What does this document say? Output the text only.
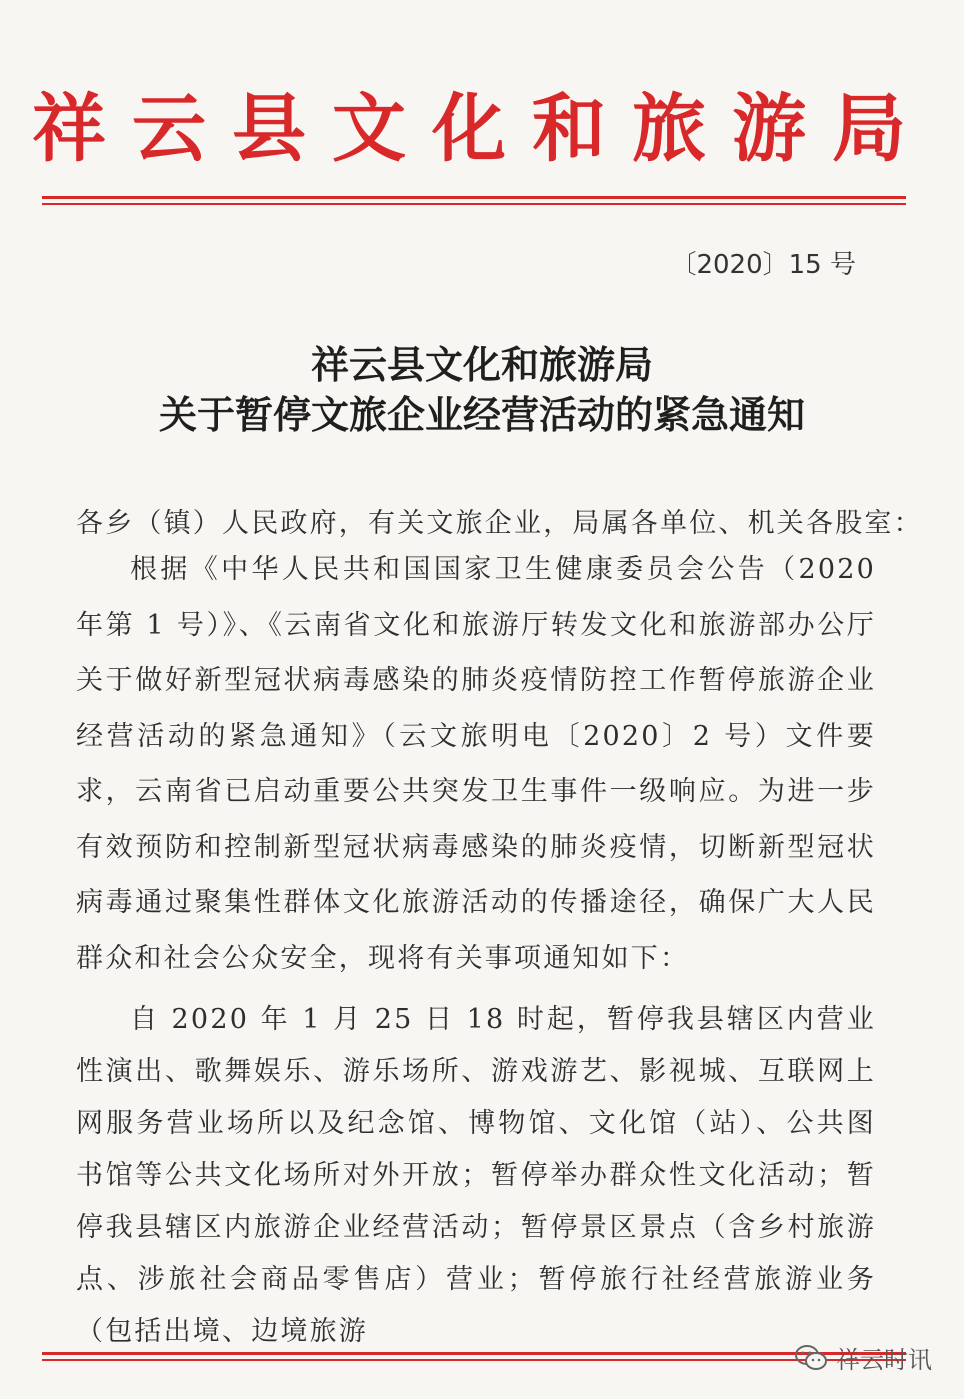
祥云县文化和旅游局
〔2020〕15 号
祥云县文化和旅游局
关于暂停文旅企业经营活动的紧急通知
各乡（镇）人民政府，有关文旅企业，局属各单位、机关各股室：
根据《中华人民共和国国家卫生健康委员会公告（2020 年第 1 号）》、《云南省文化和旅游厅转发文化和旅游部办公厅关于做好新型冠状病毒感染的肺炎疫情防控工作暂停旅游企业经营活动的紧急通知》（云文旅明电〔2020〕2 号）文件要求，云南省已启动重要公共突发卫生事件一级响应。为进一步有效预防和控制新型冠状病毒感染的肺炎疫情，切断新型冠状病毒通过聚集性群体文化旅游活动的传播途径，确保广大人民群众和社会公众安全，现将有关事项通知如下：
自 2020 年 1 月 25 日 18 时起，暂停我县辖区内营业性演出、歌舞娱乐、游乐场所、游戏游艺、影视城、互联网上网服务营业场所以及纪念馆、博物馆、文化馆（站）、公共图书馆等公共文化场所对外开放；暂停举办群众性文化活动；暂停我县辖区内旅游企业经营活动；暂停景区景点（含乡村旅游点、涉旅社会商品零售店）营业；暂停旅行社经营旅游业务（包括出境、边境旅游
祥云时讯
